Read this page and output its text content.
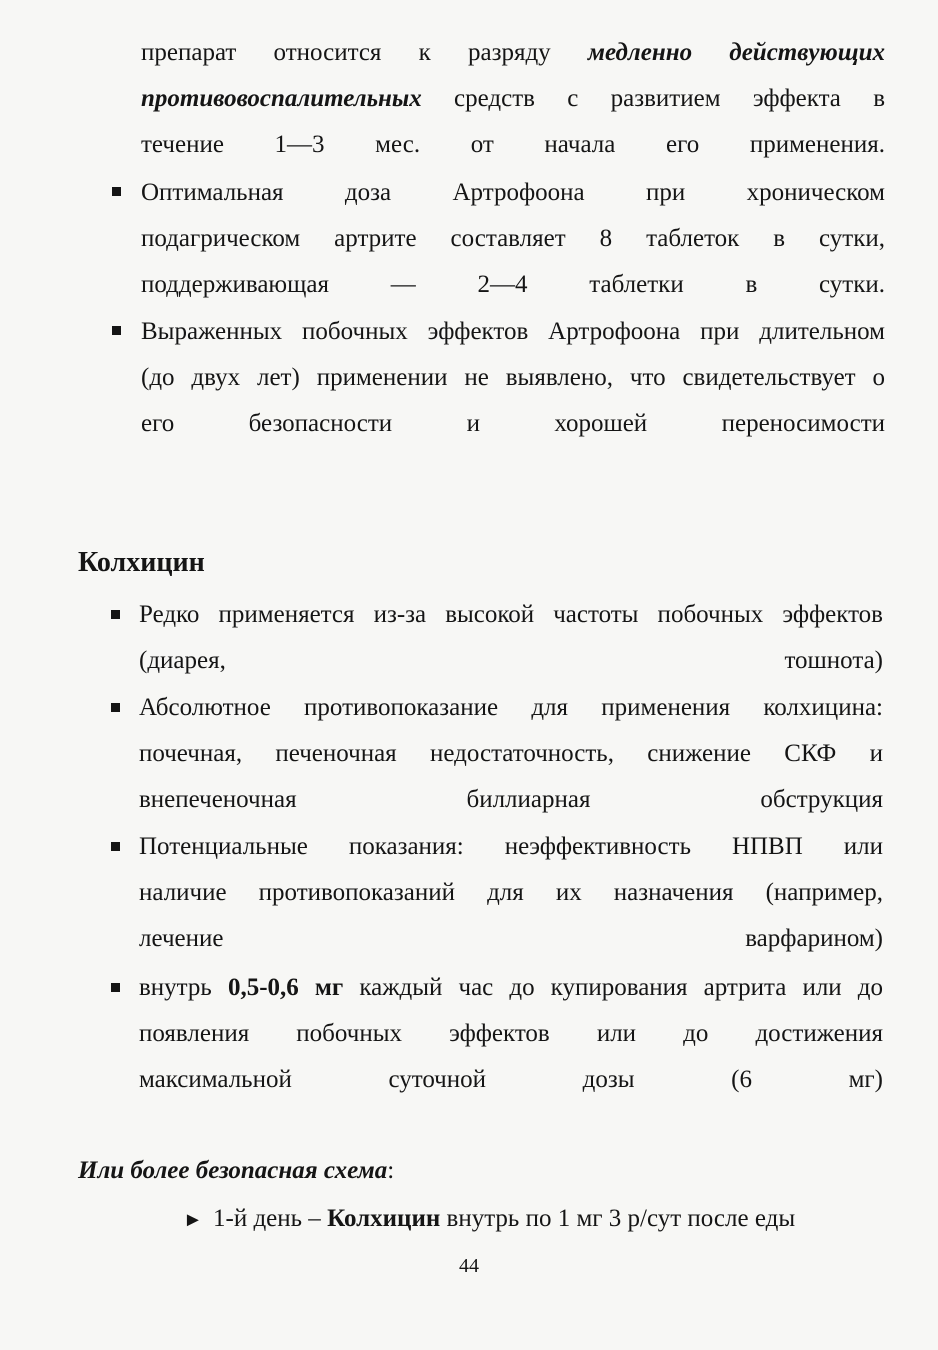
препарат относится к разряду медленно действующих
противовоспалительных средств с развитием эффекта в
течение 1—3 мес. от начала его применения.
Оптимальная доза Артрофоона при хроническом
подагрическом артрите составляет 8 таблеток в сутки,
поддерживающая — 2—4 таблетки в сутки.
Выраженных побочных эффектов Артрофоона при длительном
(до двух лет) применении не выявлено, что свидетельствует о
его безопасности и хорошей переносимости
Колхицин
Редко применяется из-за высокой частоты побочных эффектов
(диарея, тошнота)
Абсолютное противопоказание для применения колхицина:
почечная, печеночная недостаточность, снижение СКФ и
внепеченочная биллиарная обструкция
Потенциальные показания: неэффективность НПВП или
наличие противопоказаний для их назначения (например,
лечение варфарином)
внутрь 0,5-0,6 мг каждый час до купирования артрита или до
появления побочных эффектов или до достижения
максимальной суточной дозы (6 мг)
Или более безопасная схема:
► 1-й день – Колхицин внутрь по 1 мг 3 р/сут после еды
44
